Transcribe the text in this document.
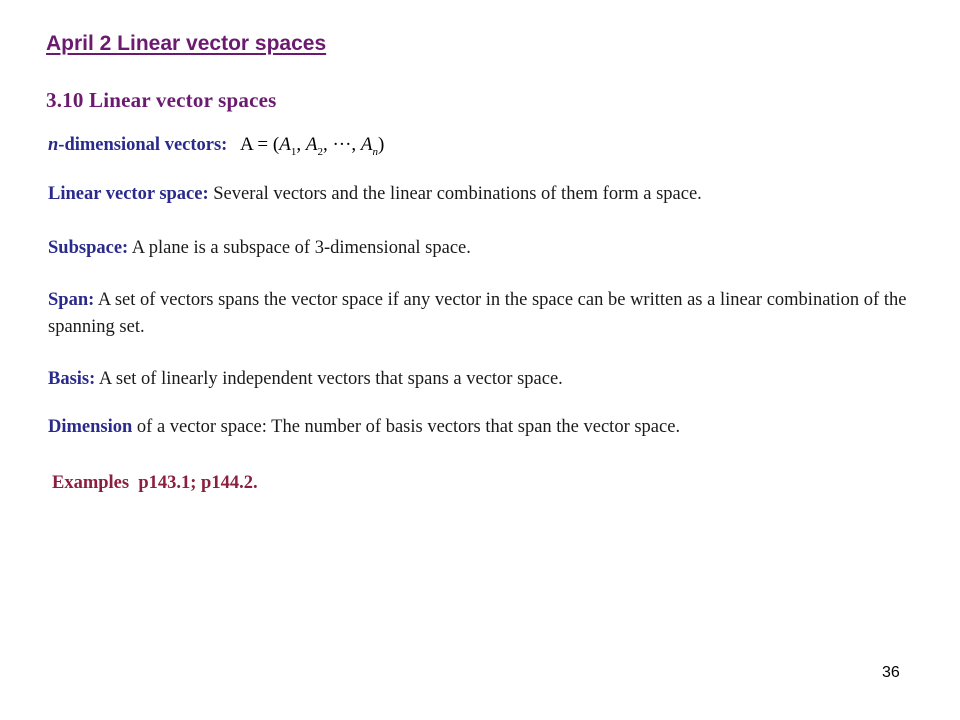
April 2 Linear vector spaces
3.10 Linear vector spaces

n-dimensional vectors: $A = (A_1$, $A_2$, ···, $A_n$)

Linear vector space: Several vectors and the linear combinations of them form a space.

Subspace: A plane is a subspace of 3-dimensional space.

Span: A set of vectors spans the vector space if any vector in the space can be written as a linear combination of the spanning set.

Basis: A set of linearly independent vectors that spans a vector space.

Dimension of a vector space: The number of basis vectors that span the vector space.

Examples  p143.1; p144.2.

36
